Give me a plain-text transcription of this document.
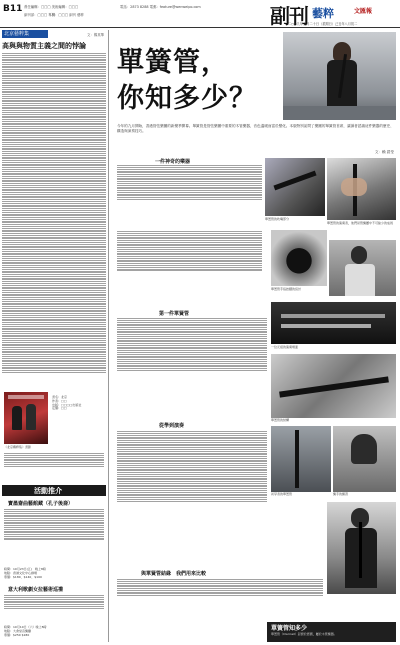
B11 責任編輯：□□□ 美術編輯：□□□	電話：2873 8288 電郵：feature@wenweipo.com
副刊部：□□□ 專欄：□□□ 副刊 藝粹	副刊 藝粹	文匯報
二○○九年九月二十日（星期日）己丑年八月初二
北京藝粹集	文：楊其華
高與與物質主義之間的悖論
書名：北京
作者：□□
出版：□□□□出版社
定價：□□
《北京藝粹集》書影
活動推介
寶墨齋曲藝館藏（孔子後裔）
時間：10月23日(五)　晚上8時
地點：香港文化中心劇場
票價：$180、$140、$100
意大利歌劇女拉藝術巡禮
時間：10月10日（六）晚上8時
地點：大會堂音樂廳
票價：$250 $180
單簧管，
你知多少？
今年的九月開始，香港管弦樂團的新樂季開幕。單簧管是管弦樂團中重要的木管樂器，音色溫暖而富於變化。本版特別訪問了樂團的單簧管首席，讓讀者認識這件樂器的歷史、構造與演奏技巧。
文：賴 碧瑩
一件神奇的樂器
單簧管的吹嘴部分
單簧管的演奏者，他們是管樂團中不可缺少的成員
第一件單簧管
單簧管手指按鍵的設計
一位元祖的演奏場面
單簧管的結構
從學到演奏
初學者的單簧管	樂手的練習
與單簧管結緣　我們用來比較
單簧管知多少
單簧管（Clarinet）起源於德國，屬於木管樂器。
